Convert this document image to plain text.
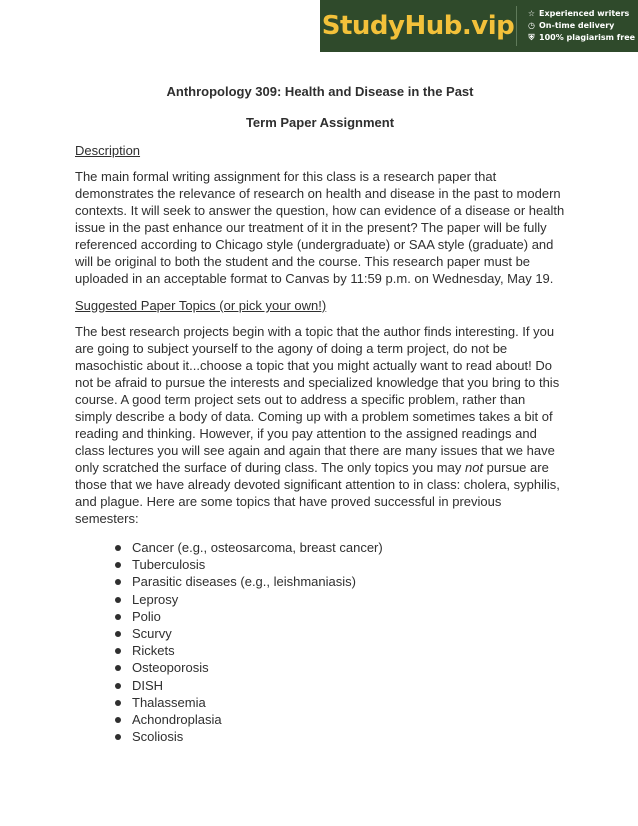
StudyHub.vip ☆ Experienced writers
◷ On-time delivery
⛨ 100% plagiarism free

Anthropology 309: Health and Disease in the Past

Term Paper Assignment

Description

The main formal writing assignment for this class is a research paper that demonstrates the relevance of research on health and disease in the past to modern contexts. It will seek to answer the question, how can evidence of a disease or health issue in the past enhance our treatment of it in the present? The paper will be fully referenced according to Chicago style (undergraduate) or SAA style (graduate) and will be original to both the student and the course. This research paper must be uploaded in an acceptable format to Canvas by 11:59 p.m. on Wednesday, May 19.

Suggested Paper Topics (or pick your own!)

The best research projects begin with a topic that the author finds interesting. If you are going to subject yourself to the agony of doing a term project, do not be masochistic about it...choose a topic that you might actually want to read about! Do not be afraid to pursue the interests and specialized knowledge that you bring to this course. A good term project sets out to address a specific problem, rather than simply describe a body of data. Coming up with a problem sometimes takes a bit of reading and thinking. However, if you pay attention to the assigned readings and class lectures you will see again and again that there are many issues that we have only scratched the surface of during class. The only topics you may not pursue are those that we have already devoted significant attention to in class: cholera, syphilis, and plague. Here are some topics that have proved successful in previous semesters:

Cancer (e.g., osteosarcoma, breast cancer)
Tuberculosis
Parasitic diseases (e.g., leishmaniasis)
Leprosy
Polio
Scurvy
Rickets
Osteoporosis
DISH
Thalassemia
Achondroplasia
Scoliosis
